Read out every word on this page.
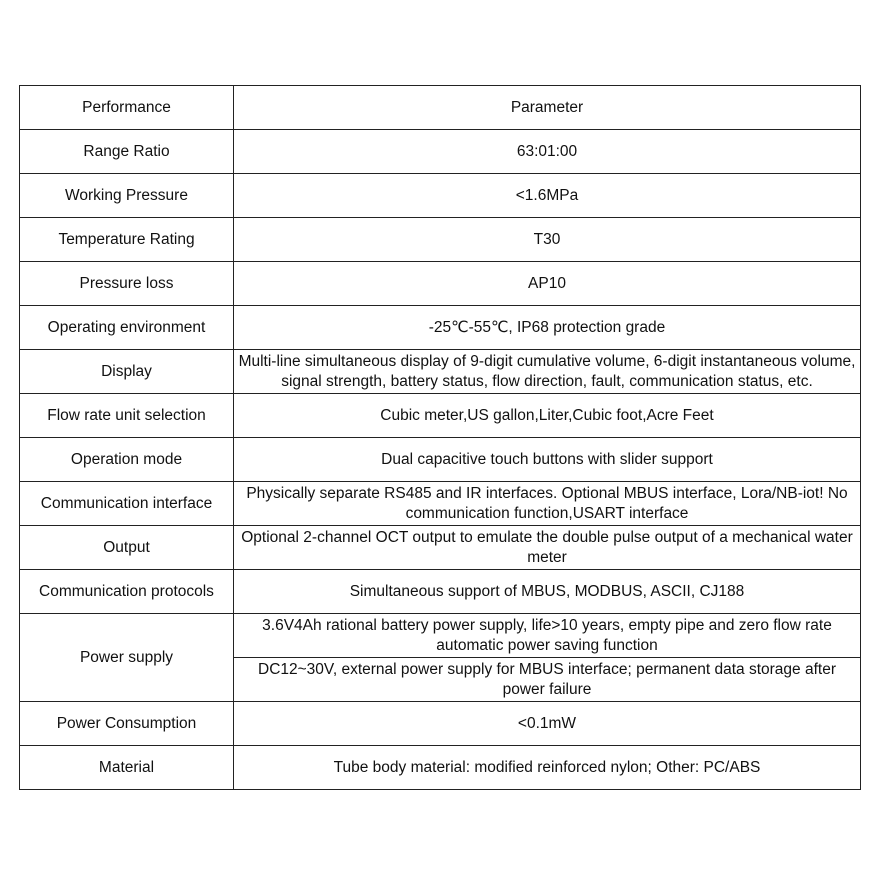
Performance	Parameter
Range Ratio	63:01:00
Working Pressure	<1.6MPa
Temperature Rating	T30
Pressure loss	AP10
Operating environment	-25℃-55℃, IP68 protection grade
Display	Multi-line simultaneous display of 9-digit cumulative volume, 6-digit instantaneous volume, signal strength, battery status, flow direction, fault, communication status, etc.
Flow rate unit selection	Cubic meter,US gallon,Liter,Cubic foot,Acre Feet
Operation mode	Dual capacitive touch buttons with slider support
Communication interface	Physically separate RS485 and IR interfaces. Optional MBUS interface, Lora/NB-iot! No communication function,USART interface
Output	Optional 2-channel OCT output to emulate the double pulse output of a mechanical water meter
Communication protocols	Simultaneous support of MBUS, MODBUS, ASCII, CJ188
Power supply	3.6V4Ah rational battery power supply, life>10 years, empty pipe and zero flow rate automatic power saving function
	DC12~30V, external power supply for MBUS interface; permanent data storage after power failure
Power Consumption	<0.1mW
Material	Tube body material: modified reinforced nylon; Other: PC/ABS
